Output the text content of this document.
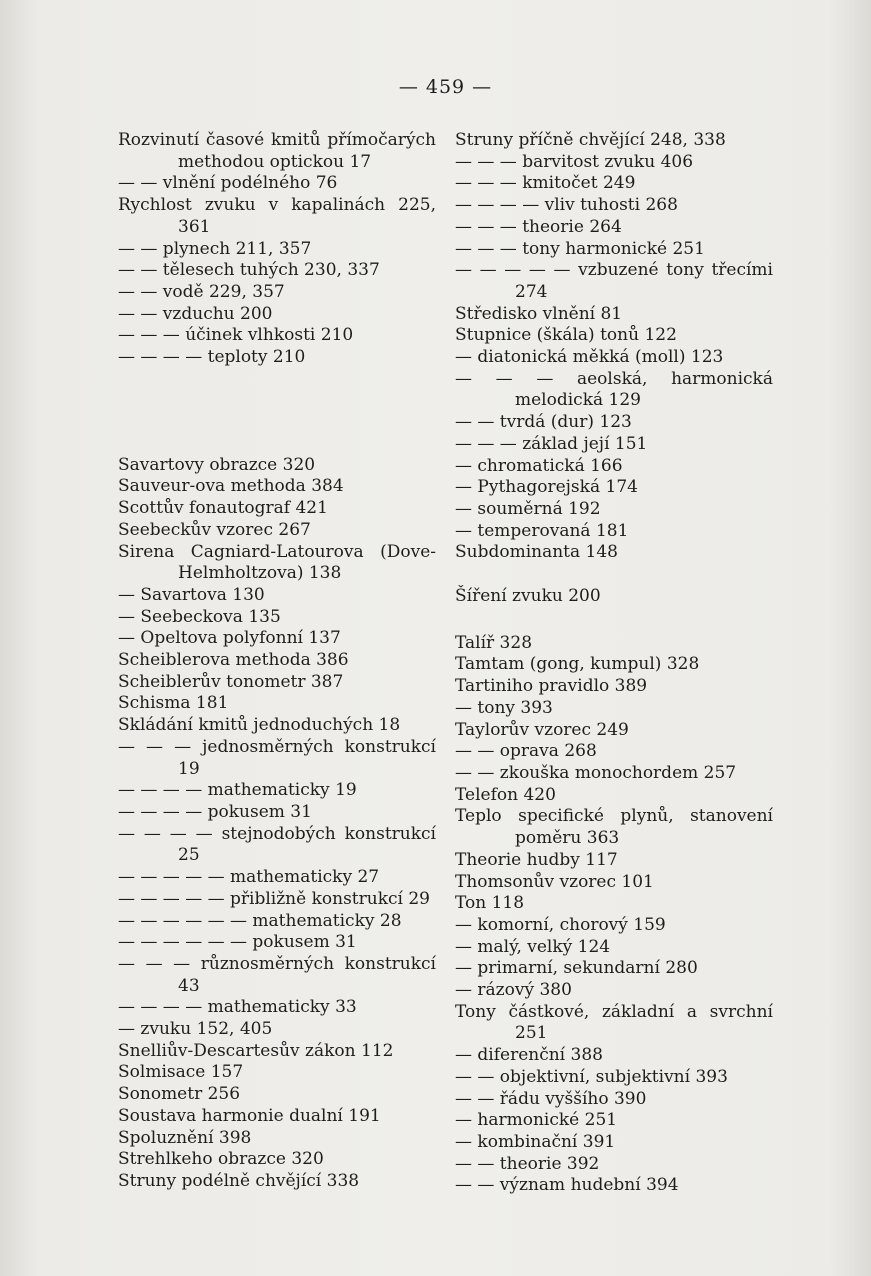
— 459 —

Rozvinutí časové kmitů přímočarých methodou optickou 17

— — vlnění podélného 76

Rychlost zvuku v kapalinách 225, 361

— — plynech 211, 357

— — tělesech tuhých 230, 337

— — vodě 229, 357

— — vzduchu 200

— — — účinek vlhkosti 210

— — — — teploty 210

Savartovy obrazce 320

Sauveur-ova methoda 384

Scottův fonautograf 421

Seebeckův vzorec 267

Sirena Cagniard-Latourova (Dove-Helmholtzova) 138

— Savartova 130

— Seebeckova 135

— Opeltova polyfonní 137

Scheiblerova methoda 386

Scheiblerův tonometr 387

Schisma 181

Skládání kmitů jednoduchých 18

— — — jednosměrných konstrukcí 19

— — — — mathematicky 19

— — — — pokusem 31

— — — — stejnodobých konstrukcí 25

— — — — — mathematicky 27

— — — — — přibližně konstrukcí 29

— — — — — — mathematicky 28

— — — — — — pokusem 31

— — — různosměrných konstrukcí 43

— — — — mathematicky 33

— zvuku 152, 405

Snelliův-Descartesův zákon 112

Solmisace 157

Sonometr 256

Soustava harmonie dualní 191

Spoluznění 398

Strehlkeho obrazce 320

Struny podélně chvějící 338

Struny příčně chvějící 248, 338

— — — barvitost zvuku 406

— — — kmitočet 249

— — — — vliv tuhosti 268

— — — theorie 264

— — — tony harmonické 251

— — — — — vzbuzené tony třecími 274

Středisko vlnění 81

Stupnice (škála) tonů 122

— diatonická měkká (moll) 123

— — — aeolská, harmonická melodická 129

— — tvrdá (dur) 123

— — — základ její 151

— chromatická 166

— Pythagorejská 174

— souměrná 192

— temperovaná 181

Subdominanta 148

Šíření zvuku 200

Talíř 328

Tamtam (gong, kumpul) 328

Tartiniho pravidlo 389

— tony 393

Taylorův vzorec 249

— — oprava 268

— — zkouška monochordem 257

Telefon 420

Teplo specifické plynů, stanovení poměru 363

Theorie hudby 117

Thomsonův vzorec 101

Ton 118

— komorní, chorový 159

— malý, velký 124

— primarní, sekundarní 280

— rázový 380

Tony částkové, základní a svrchní 251

— diferenční 388

— — objektivní, subjektivní 393

— — řádu vyššího 390

— harmonické 251

— kombinační 391

— — theorie 392

— — význam hudební 394
